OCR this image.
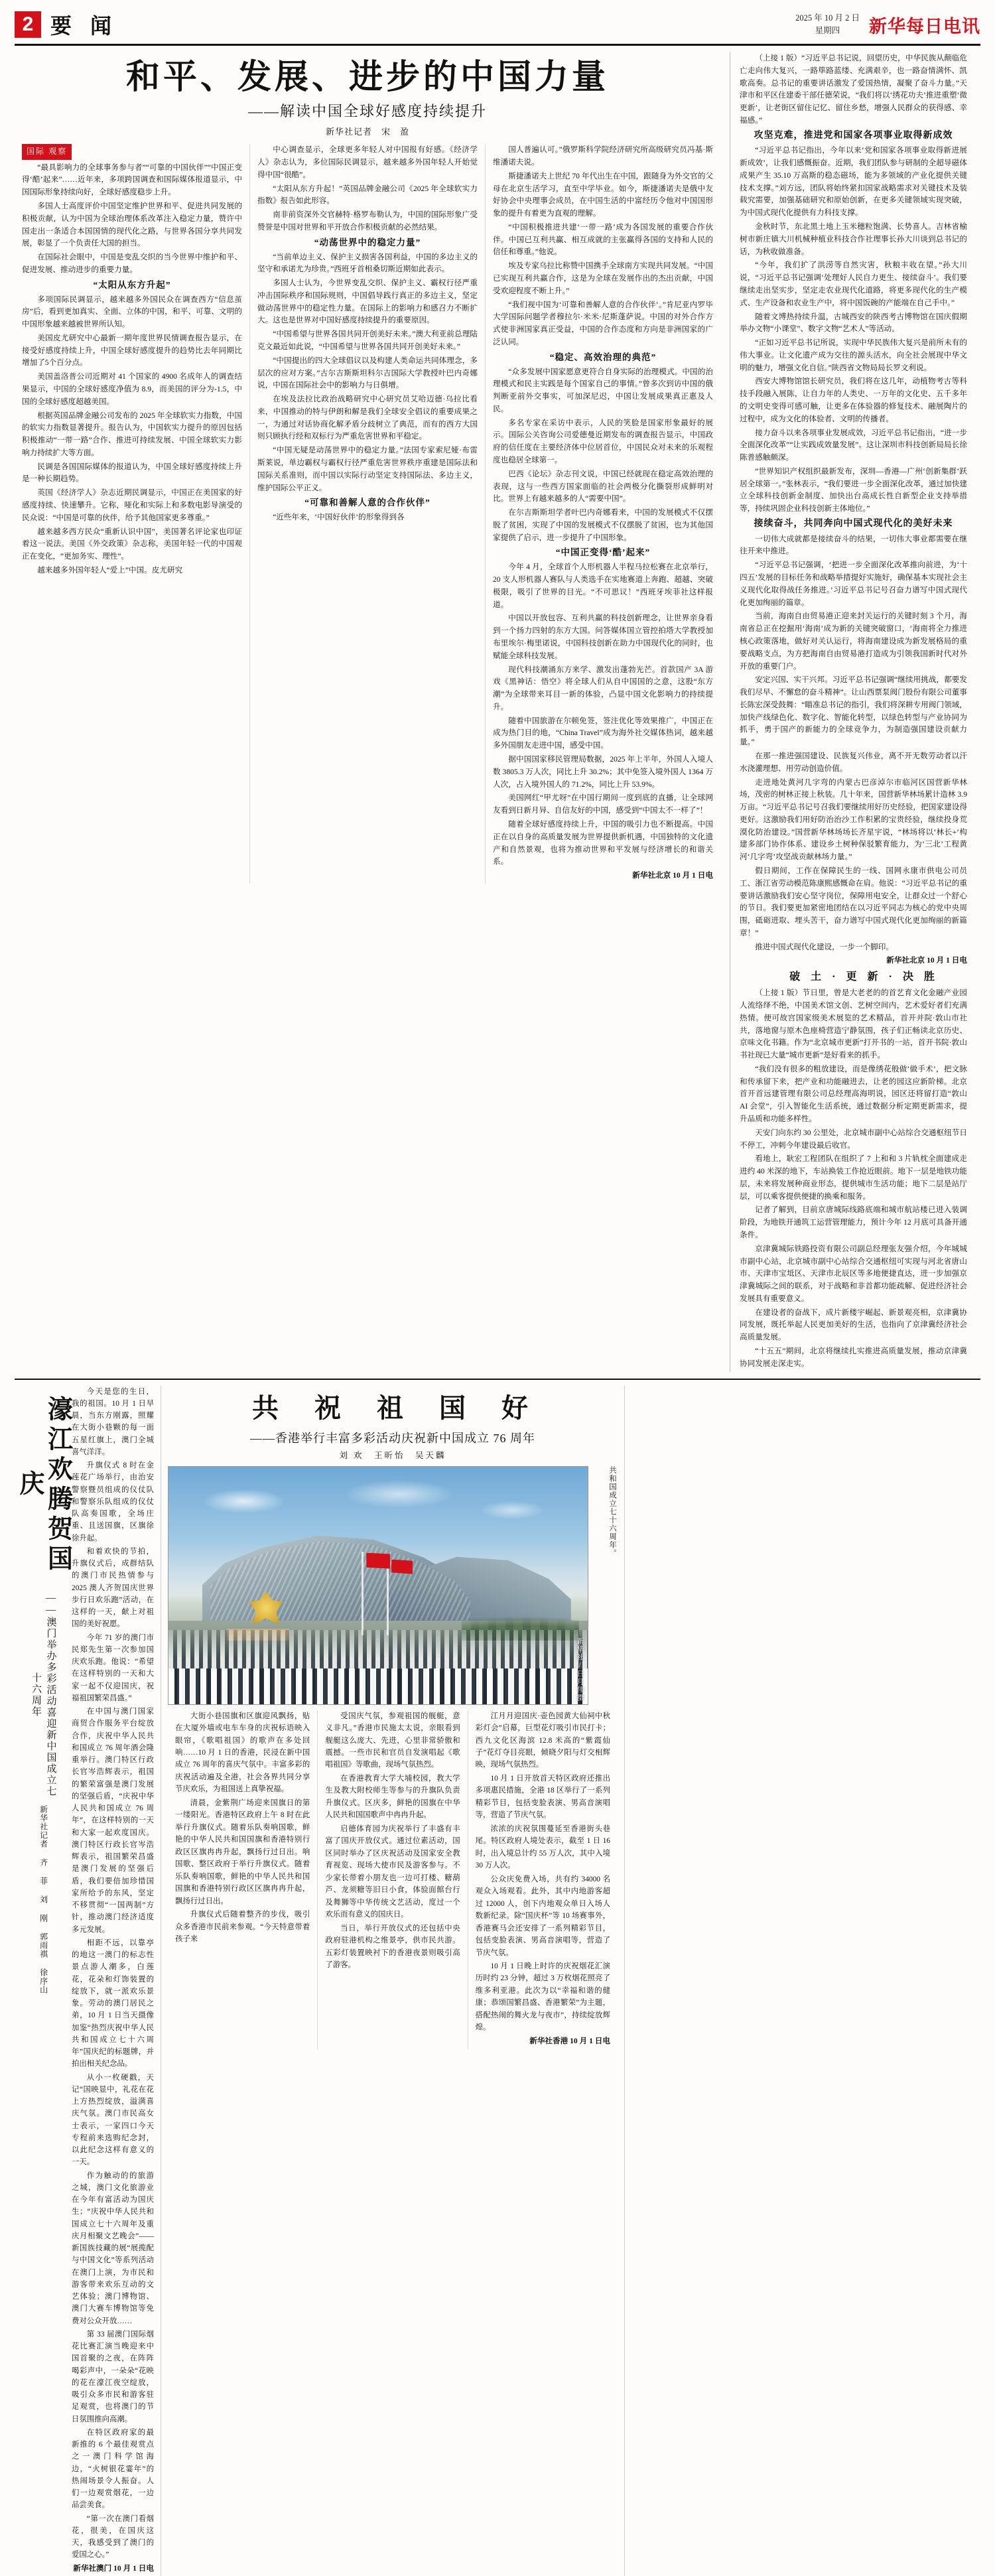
2 要 闻	2025 年 10 月 2 日
星期四	新华每日电讯
和平、发展、进步的中国力量
——解读中国全球好感度持续提升
新华社记者　宋　盈
国际 观察

“最具影响力的全球事务参与者”“可靠的中国伙伴”“中国正变得‘酷’起来”……近年来，多项跨国调查和国际媒体报道显示，中国国际形象持续向好，全球好感度稳步上升。

多国人士高度评价中国坚定维护世界和平、促进共同发展的积极贡献，认为中国为全球治理体系改革注入稳定力量，赞许中国走出一条适合本国国情的现代化之路，与世界各国分享共同发展，彰显了一个负责任大国的担当。

在国际社会眼中，中国是变乱交织的当今世界中维护和平、促进发展、推动进步的重要力量。

“太阳从东方升起”

多项国际民调显示，越来越多外国民众在调查西方“信息茧房”后，看到更加真实、全面、立体的中国，和平、可靠、文明的中国形象越来越被世界所认知。

美国皮尤研究中心最新一期年度世界民情调查报告显示，在接受好感度持续上升，中国全球好感度提升的趋势比去年同期比增加了5个百分点。

美国盖洛普公司近期对 41 个国家的 4900 名成年人的调查结果显示，中国的全球好感度净值为 8.9，而美国的评分为-1.5，中国的全球好感度超越美国。

根据英国品牌金融公司发布的 2025 年全球软实力指数，中国的软实力指数显著提升。报告认为，中国软实力提升的原因包括积极推动“一带一路”合作、推进可持续发展、中国全球软实力影响力持续扩大等方面。

民调是各国国际媒体的报道认为，中国全球好感度持续上升是一种长期趋势。

英国《经济学人》杂志近期民调显示，中国正在美国家的好感度持续、快速攀升。它称，哑化和实际上和多数电影导演受的民众说：“中国是可靠的伙伴，给予其他国家更多尊重。”

越来越多西方民众“重新认识中国”，美国著名评论家也印证着这一说法。美国《外交政策》杂志称，美国年轻一代的中国观正在变化，“更加务实、理性”。

越来越多外国年轻人“爱上”中国。皮尤研究

中心调查显示，全球更多年轻人对中国报有好感。《经济学人》杂志认为，多位国际民调显示，越来越多外国年轻人开始觉得中国“很酷”。

“太阳从东方升起！”英国品牌金融公司《2025 年全球软实力指数》报告如此形容。

南非前资深外交官赫特·格罗布勒认为，中国的国际形象广受赞誉是中国对世界和平开放合作积极贡献的必然结果。

“动荡世界中的稳定力量”

“当前单边主义、保护主义损害各国利益，中国的多边主义的坚守和承诺尤为珍贵。”西班牙首相桑切斯近期如此表示。

多国人士认为，今世界变乱交织、保护主义、霸权行径严重冲击国际秩序和国际规则，中国倡导践行真正的多边主义，坚定做动荡世界中的稳定性力量。在国际上的影响力和感召力不断扩大。这也是世界对中国好感度持续提升的重要原因。

“中国希望与世界各国共同开创美好未来。”澳大利亚前总理陆克文最近如此说，“中国希望与世界各国共同开创美好未来。”

“中国提出的四大全球倡议以及构建人类命运共同体理念，多层次的应对方案。”古尔吉斯斯坦科尔吉国际大学教授叶巴内奇娜说，中国在国际社会中的影响力与日俱增。

在埃及法拉比政治战略研究中心研究员艾哈迈德·乌拉比看来，中国推动的特与伊朗和解是我们全球安全倡议的重要成果之一，为通过对话协商化解矛盾分歧树立了典范，而有的西方大国则只顾执行经和双标行为严重危害世界和平稳定。

“中国无疑是动荡世界中的稳定力量。”法国专家索尼娅·布雷斯莱说，单边霸权与霸权行径严重危害世界秩序重建是国际法和国际关系准则，而中国以实际行动坚定支持国际法、多边主义，维护国际公平正义。

“可靠和善解人意的合作伙伴”

“近些年来，‘中国好伙伴’的形象得到各

国人普遍认可。”俄罗斯科学院经济研究所高级研究员冯基·斯维潘诺夫说。

斯捷潘诺夫上世纪 70 年代出生在中国，跟随身为外交官的父母在北京生活学习，直至中学毕业。如今，斯捷潘诺夫是俄中友好协会中央理事会成员，在中国生活的中富经历令他对中国国形象的提升有着更为直观的理解。

“中国积极推进共建‘一带一路’成为各国发展的重要合作伙伴。中国已互利共赢、相互成就的主张赢得各国的支持和人民的信任和尊重。”他说。

埃及专家乌拉比称赞中国携手全球南方实现共同发展。“中国已实现互利共赢合作，这是为全球在发展作出的杰出贡献，中国受欢迎程度不断上升。”

“我们视中国为‘可靠和善解人意的合作伙伴’。”肯尼亚内罗毕大学国际问题学者穆拉尔·米米·尼斯蓬萨说。中国的对外合作方式使非洲国家真正受益，中国的合作态度和方向是非洲国家的广泛认同。

“稳定、高效治理的典范”

“众多发展中国家愿意更符合自身实际的治理模式。中国的治理模式和民主实践是每个国家自己的事情。”曾多次到访中国的俄判断亚前外交事实，可加深尼迟，中国让发展成果真正惠及人民。

多名专家在采访中表示，人民的笑脸是国家形象最好的展示。国际公关咨询公司爱德曼近期发布的调查报告显示，中国政府的信任度在主要经济体中位居首位，中国民众对未来的乐观程度也稳居全球第一。

巴西《论坛》杂志刊文说，中国已经就现在稳定高效治理的表现，这与一些西方国家面临的社会两极分化撕裂形成鲜明对比。世界上有越来越多的人“需要中国”。

在尔吉斯斯坦学者叶巴内奇娜看来，中国的发展模式不仅摆脱了贫困，实现了中国的发展模式不仅摆脱了贫困，也为其他国家提供了启示，进一步提升了中国形象。

“中国正变得‘酷’起来”

今年 4 月，全球首个人形机器人半程马拉松赛在北京举行，20 支人形机器人赛队与人类选手在实地赛道上奔跑、超越、突破极限，吸引了世界的目光。“不可思议！”西班牙埃菲社这样报道。

中国以开放包容、互利共赢的科技创新理念，让世界亲身看到一个扬力四射的东方大国。问答媒体国立管控拍塔大学教授加布里埃尔·梅里诺说，中国科技创新在助力中国现代化的同时，也赋能全球科技发展。

现代科技潮涌东方来学、激发出蓬勃光芒。首款国产 3A 游戏《黑神话：悟空》将全球人们从自中国国的之意，这股“东方潮”为全球带来耳目一新的体验，凸显中国文化影响力的持续提升。

随着中国旅游在尔顿免签，签注优化等效果推广，中国正在成为热门目的地，“China Travel”成为海外社交媒体热词，越来越多外国朋友走进中国，感受中国。

据中国国家移民管理局数据，2025 年上半年，外国人入境人数 3805.3 万人次，同比上升 30.2%；其中免签入境外国人 1364 万人次，占入境外国人的 71.2%，同比上升 53.9%。

美国网红“甲尤呀”在中国行期间一度到底的直播，让全球网友看到日新月异、自信友好的中国，感受到“中国太不一样了”！

随着全球好感度持续上升，中国的吸引力也不断提高。中国正在以自身的高质量发展为世界提供新机遇，中国独特的文化遗产和自然景观，也将为推动世界和平发展与经济增长的和谐关系。

新华社北京 10 月 1 日电

（上接 1 版）“习近平总书记说，回望历史，中华民族从颠临危亡走向伟大复兴，一路筚路蓝缕、充满艰辛，也一路奋情满怀、凯歌高奏。总书记的重要讲话激发了爱国热情，凝聚了奋斗力量。”天津市和平区住建委干部任德荣说，“我们将以‘绣花功夫’推进重塑‘微更新’，让老街区留住记忆、留住乡愁，增强人民群众的获得感、幸福感。”

攻坚克难，推进党和国家各项事业取得新成效

“习近平总书记指出，今年以来‘党和国家各项事业取得新进展新成效’，让我们感慨振奋。近期，我们团队参与研制的全超导磁体成果产生 35.10 万高斯的稳态磁场，能为多领域的产业化提供关键技术支撑。”刘方远，团队将始终紧扣国家战略需求对关键技术及装载究需要，加强基础研究和原始创新，在更多关键领域实现突破，为中国式现代化提供有力科技支撑。

金秋时节，东北黑土地上玉米穗粒饱满、长势喜人。吉林省榆树市新庄镇大川机械种植业科技合作社理事长孙大川谈到总书记的话，为秋收做准备。

“今年，我们扩了洪涝等自然灾害，秋粮丰收在望。”孙大川说，“习近平总书记强调‘处理好人民自力更生、接续奋斗’。我们要继续走出坚实步，坚定走农业现代化道路，将更多现代化的生产模式、生产设备和农业生产中，将中国饭碗的产能端在自己手中。”

随着文博热持续升温，古城西安的陕西考古博物馆在国庆假期举办文物“小课堂”、数字文物“艺术人”等活动。

“正如习近平总书记所说，实现中华民族伟大复兴是前所未有的伟大事业。让文化遗产成为交往的源头活水，向全社会展现中华文明的魅力，增强文化自信。”陕西省文物局局长罗文利说。

西安大博物馆馆长研究员，我们将在这几年，动植物考古等科技手段融入展陈，让自力年的人类史、一万年的文化史、五千多年的文明史变得可感可触，让更多在体验器的修复技术、融展陶片的过程中，成为文化的体验者、文明的传播者。

接力奋斗以来各项事业发展成效，习近平总书记指出，“进一步全面深化改革”“让实践成效量发展”。这让深圳市科技创新局局长徐陈普感触颇深。

“世界知识产权组织最新发布，深圳—香港—广州‘创新集群’跃居全球第一。”张林表示，“我们要进一步全面深化改革，通过加快建立全球科技创新金制度、加快出台高成长性自新型企业支持举措等，持续巩固企业科技创新主体地位。”

接续奋斗，共同奔向中国式现代化的美好未来

一切伟大成就都是接续奋斗的结果，一切伟大事业都需要在继往开来中推进。

“习近平总书记强调，‘把进一步全面深化改革推向前进，为‘十四五’发展的目标任务和战略举措提好实施好，确保基本实现社会主义现代化取得战任务推进。’习近平总书记号召奋力谱写中国式现代化更加绚丽的篇章。

当前，海南自由贸易港正迎来封关运行的关键时刻 3 个月，海南省总正在挖掘用‘海南’成为新的关键突破窗口，‘海南将全力推进核心政策落地，做好对关认运行，将海南建设成为新发展格局的重要战略支点，为方把海南自由贸易港打造成为引领我国新时代对外开放的重要门户。

安定兴国、实干兴邦。习近平总书记强调“继续用挑战，都要发我们尽早、不懈怠的奋斗精神”。让山西票泵阀门股份有限公司董事长陈宏深受鼓舞：“瞄准总书记的指引，我们将深耕专用阀门领域，加快产线绿色化、数字化、智能化转型，以绿色转型与产业协同为抓手，勇于国产的新能力的全球竞争力，为制造强国建设贡献力量。”

在那一推进强国建设、民族复兴伟业，离不开无数劳动者以汗水浇灌理想、用劳动创造价值。

走进地处黄河几字弯的内蒙古巴彦淖尔市临河区国营新华林场，茂密的树林正接上秋装。几十年来，国营新华林场累计造林 3.9 万亩。“习近平总书记号召我们要继续用好历史经验，把国家建设得更好。这激励我们用好防治治沙工作积累的宝贵经验，继续投身荒漠化防治建设。”国营新华林场场长齐星宇说，“林场将以‘林长+’构建多部门协作体系、建设乡土树种保驳繁育能力，为‘三北’工程黄河‘几字弯’攻坚战贡献林场力量。”

假日期间，工作在保障民生的一线、国网永康市供电公司员工、浙江省劳动模范陈康熙感慨命在肩。他说：“习近平总书记的重要讲话激励我们安心坚守岗位，保障用电安全，让群众过一个舒心的节日。我们要更加紧密地团结在以习近平同志为核心的党中央周围，砥砺进取、埋头苦干，奋力谱写中国式现代化更加绚丽的新篇章！”

推进中国式现代化建设，一步一个脚印。

新华社北京 10 月 1 日电

破 土 · 更 新 · 决 胜

（上接 1 版）节日里，曾是大老老的的首艺育文化金融产业园人流络绎不绝，中国美术馆文创、艺树空间内，艺术爱好者们充满热情。便可故宫国家级美术展览的艺术精品，首开并院·敦山市社共，落地窗与原木色座椅营造宁静氛围，孩子们正畅读北京历史、京味文化书籍。作为“北京城市更新”打开书的一站，首开书院·敦山书社现已大量“城市更新”是好看来的抓手。

“我们没有很多的粗放建设，而是像绣花般做‘做手术’，把文脉和传承留下来，把产业和功能融进去，让老的园这应新阶梯。北京首开首远建管理有限公司总经理高海明说，园区还将留打造“敦山 AI 会堂”，引入智能化生活系统，通过数据分析定期更新需求，提升品质和功能多样性。

天安门向东约 30 公里处，北京城市副中心站综合交通枢纽节日不停工，冲刺今年建设最后收官。

看地上，耿宏工程团队在组织了 7 上和和 3 片轨枕全面建成走进约 40 米深的地下，车站换装工作抢近眼前。地下一层是地铁功能层，未来将发展种商业形态，提供城市生活功能；地下二层是站厅层，可以乘客提供便捷的换乘和服务。

记者了解到，目前京唐城际线路底端和城市航站楼已进入装调阶段，为地铁开通筑工运营管理能力，预计今年 12 月底可具备开通条件。

京津冀城际铁路投资有限公司副总经理张友强介绍，今年城城市副中心站，北京城市副中心站综合交通枢纽可实现与河北省唐山市、天津市宝坻区、天津市北辰区等多地便捷直达，进一步加强京津冀城际之间的联系，对于战略和非首都功能疏解、促进经济社会发展具有重要意义。

在建设者的奋战下，成片新楼宇崛起、新景观亮相，京津冀协同发展，既托举起人民更加美好的生活，也指向了京津冀经济社会高质量发展。

“十五五”期间，北京将继续扎实推进高质量发展，推动京津冀协同发展走深走实。

濠江欢腾贺国庆
——澳门举办多彩活动喜迎新中国成立七十六周年
新华社记者 齐 菲 刘 刚 郭雨祺 徐序山

今天是您的生日，我的祖国。10 月 1 日早晨，当东方刚露，照耀在大街小巷颗的每一面五星红旗上，澳门全城喜气洋洋。

升旗仪式 8 时在金莲花广场举行，由治安警察暨员组成的仪仗队和警察乐队组成的仪仗队高奏国歌，全场庄重、且送国旗，区旗徐徐升起。

和着欢快的节拍，升旗仪式后，成群结队的澳门市民热情参与 2025 澳人齐贺国庆世界步行日欢乐跑”活动，在这样的一天，献上对祖国的美好祝愿。

今年 71 岁的澳门市民郑先生第一次参加国庆欢乐跑。他说：“希望在这样特别的一天和大家一起不仅迎国庆，祝福祖国繁荣昌盛。”

在中国与澳门国家商贸合作服务平台绽放合作，庆祝中华人民共和国成立 76 周年酒会隆重举行。澳门特区行政长官岑浩辉表示，祖国的繁荣富强是澳门发展的坚强后盾，“庆祝中华人民共和国成立 76 周年”，在这样特别的一天和大家一起欢度国庆。澳门特区行政长官岑浩辉表示，祖国繁荣昌盛是澳门发展的坚强后盾，我们要倍加珍惜国家所给予的东风，坚定不移贯彻“一国两制”方针，推动澳门经济适度多元发展。

相距不远，以靠亭的地这一澳门的标志性景点游人潮多，白莲花，花朵和灯饰装置的绽放下，就一派欢乐景象。劳动的澳门居民之弟，10 月 1 日当天摄像加鉴“热烈庆祝中华人民共和国成立七十六周年”国庆纪的标题牌，并拍出相关纪念品。

从小一枚硬戳，天记“国映显中，礼花在花上方热烈绽放，溢满喜庆气氛。澳门市民高女士表示，一家四口今天专程前来选购纪念封，以此纪念这样有意义的一天。

作为触动的的旅游之城，澳门文化旅游业在今年有富活动为国庆生；“庆祝中华人民共和国成立七十六周年及重庆月相聚文艺晚会”——新国族技藏的展“展揽配与中国文化”等系列活动在澳门上演，为市民和游客带来欢乐互动的文艺体验；澳门博物馆、澳门大赛车博物馆等免费对公众开放……

第 33 届澳门国际烟花比赛汇演当晚迎来中国首聚的之夜，在阵阵喝彩声中，一朵朵“花映的花在濠江夜空绽放，吸引众多市民和游客驻足观赏，也将澳门的节日氛围推向高潮。

在特区政府家的最新推的 6 个最佳观赏点之一澳门科学馆海边，“火树银花霎年”的热闹场景令人振奋。人们一边观赏烟花，一边品尝美食。

“第一次在澳门看烟花，很美，在国庆这天，我感受到了澳门的爱国之心。”

新华社澳门 10 月 1 日电

共 祝 祖 国 好
——香港举行丰富多彩活动庆祝新中国成立 76 周年
刘 欢　王昕怡　吴天麟
新华社/日月伟摄
共和国成立七十六周年。

大街小巷国旗和区旗迎风飘扬，贴在大厦外墙或电车车身的庆祝标语映入眼帘，《歌唱祖国》的歌声在多处回响……10 月 1 日的香港，民浸在新中国成立 76 周年的喜庆气氛中。丰富多彩的庆祝活动遍及全港，社会各界共同分享节庆欢乐，为祖国送上真挚祝福。

清晨，金紫荆广场迎来国旗日的第一缕阳光。香港特区政府上午 8 时在此举行升旗仪式。随着乐队奏响国歌，鲜艳的中华人民共和国国旗和香港特别行政区区旗冉冉升起，飘扬行过日出。响国歌、整区政府于举行升旗仪式。随着乐队奏响国歌，鲜艳的中华人民共和国国旗和香港特别行政区区旗冉冉升起，飘扬行过日出。

升旗仪式后随着整齐的步伐，吸引众多香港市民前来参观。“今天特意带着孩子来

受国庆气氛，参观祖国的舰艇，意义非凡。”香港市民施太太说，亲眼看到舰艇这么庞大、先进，心里非常骄傲和震撼。一些市民和官员自发演唱起《歌唱祖国》等歌曲，现场气氛热烈。

在香港教育大学大埔校园，教大学生及教大附校师生等参与的升旗队负责升旗仪式。区庆多，鲜艳的国旗在中华人民共和国国歌声中冉冉升起。

启德体育园为庆祝举行了丰盛有丰富了国庆开放仪式。通过位素活动，国区同时举办了区庆祝活动及国家安全教育视览、现场大使市民及游客参与。不少家长带着小朋友也一边可打楼、糖葫芦、龙须糖等旧日小食，体验面館台行及舞狮等中华传统文艺活动，度过一个欢乐而有意义的国庆日。

当日，举行开放仪式的还包括中央政府驻港机构之维景亭，供市民共游。五彩灯装置映衬下的香港夜景则吸引高了游客。

江月月迎国庆·壶色园黄大仙祠中秋彩灯会”启幕，巨型花灯吸引市民打卡；西九文化区海滨 12.8 米高的“紫霞仙子”花灯夺目亮眼，倾晓夕阳与灯交相辉映，现场气氛热烈。

10 月 1 日开放首天特区政府还推出多项惠民措施，全港 18 区举行了一系列精彩节目，包括变脸表演、男高音演唱等，营造了节庆气氛。

浓浓的庆祝氛围蔓延至香港街头巷尾。特区政府人境处表示，截至 1 日 16 时，出入境总计约 55 万人次，其中入境 30 万人次。

公众庆免费入场，共有约 34000 名观众入场观看。此外，其中内地游客超过 12000 人，创下内地观众单日入场人数新纪录。除“国庆杯”等 10 场赛事外，香港赛马会还安排了一系列精彩节目，包括变脸表演、男高音演唱等，营造了节庆气氛。

10 月 1 日晚上时许的庆祝烟花汇演历时约 23 分钟，超过 3 万枚烟花照亮了维多利亚港。此次为以“幸福和谐的健康；恭颂国繁昌盛、香港繁荣”为主题，搭配热闹的舞火龙与夜市”，持续绽放辉煌。

新华社香港 10 月 1 日电
